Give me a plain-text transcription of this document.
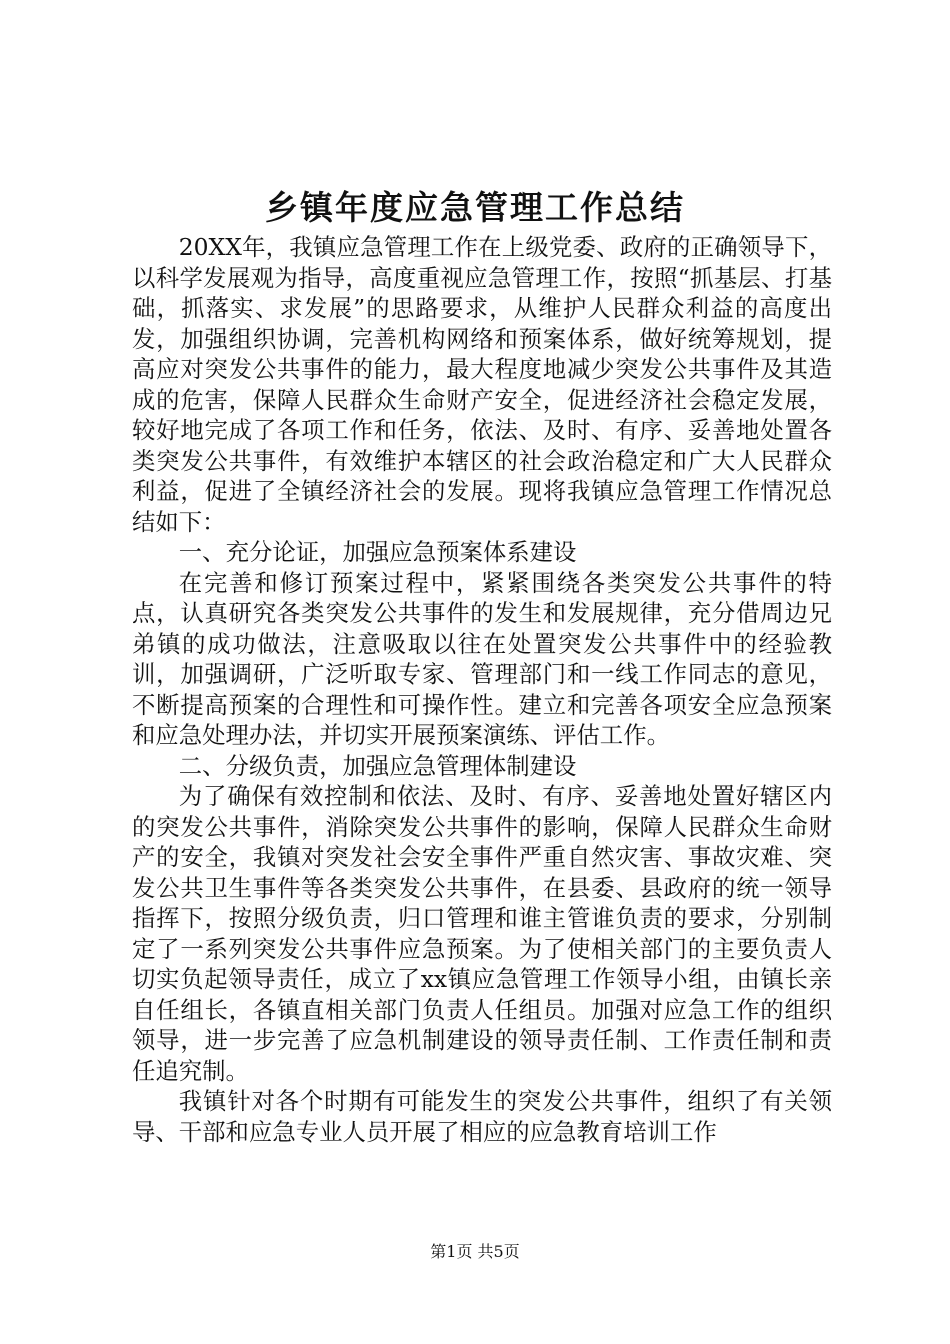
乡镇年度应急管理工作总结

20XX年，我镇应急管理工作在上级党委、政府的正确领导下，以科学发展观为指导，高度重视应急管理工作，按照“抓基层、打基础，抓落实、求发展”的思路要求，从维护人民群众利益的高度出发，加强组织协调，完善机构网络和预案体系，做好统筹规划，提高应对突发公共事件的能力，最大程度地减少突发公共事件及其造成的危害，保障人民群众生命财产安全，促进经济社会稳定发展，较好地完成了各项工作和任务，依法、及时、有序、妥善地处置各类突发公共事件，有效维护本辖区的社会政治稳定和广大人民群众利益，促进了全镇经济社会的发展。现将我镇应急管理工作情况总结如下：

一、充分论证，加强应急预案体系建设

在完善和修订预案过程中，紧紧围绕各类突发公共事件的特点，认真研究各类突发公共事件的发生和发展规律，充分借周边兄弟镇的成功做法，注意吸取以往在处置突发公共事件中的经验教训，加强调研，广泛听取专家、管理部门和一线工作同志的意见，不断提高预案的合理性和可操作性。建立和完善各项安全应急预案和应急处理办法，并切实开展预案演练、评估工作。

二、分级负责，加强应急管理体制建设

为了确保有效控制和依法、及时、有序、妥善地处置好辖区内的突发公共事件，消除突发公共事件的影响，保障人民群众生命财产的安全，我镇对突发社会安全事件严重自然灾害、事故灾难、突发公共卫生事件等各类突发公共事件，在县委、县政府的统一领导指挥下，按照分级负责，归口管理和谁主管谁负责的要求，分别制定了一系列突发公共事件应急预案。为了使相关部门的主要负责人切实负起领导责任，成立了xx镇应急管理工作领导小组，由镇长亲自任组长，各镇直相关部门负责人任组员。加强对应急工作的组织领导，进一步完善了应急机制建设的领导责任制、工作责任制和责任追究制。

我镇针对各个时期有可能发生的突发公共事件，组织了有关领导、干部和应急专业人员开展了相应的应急教育培训工作

第1页 共5页
